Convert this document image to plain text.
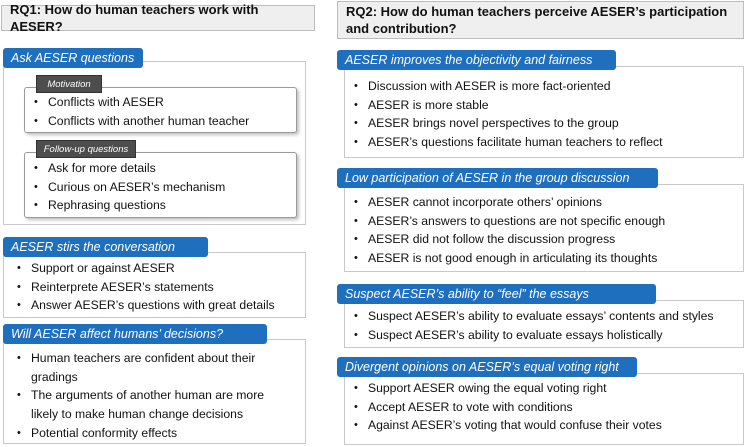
RQ1: How do human teachers work with AESER?
Ask AESER questions
• Conflicts with AESER
• Conflicts with another human teacher
Motivation
• Ask for more details
• Curious on AESER’s mechanism
• Rephrasing questions
Follow-up questions
AESER stirs the conversation
• Support or against AESER
• Reinterprete AESER’s statements
• Answer AESER’s questions with great details
Will AESER affect humans’ decisions?
• Human teachers are confident about their gradings
• The arguments of another human are more likely to make human change decisions
• Potential conformity effects
RQ2: How do human teachers perceive AESER’s participation and contribution?
AESER improves the objectivity and fairness
• Discussion with AESER is more fact-oriented
• AESER is more stable
• AESER brings novel perspectives to the group
• AESER’s questions facilitate human teachers to reflect
Low participation of AESER in the group discussion
• AESER cannot incorporate others’ opinions
• AESER’s answers to questions are not specific enough
• AESER did not follow the discussion progress
• AESER is not good enough in articulating its thoughts
Suspect AESER’s ability to “feel” the essays
• Suspect AESER’s ability to evaluate essays’ contents and styles
• Suspect AESER’s ability to evaluate essays holistically
Divergent opinions on AESER’s equal voting right
• Support AESER owing the equal voting right
• Accept AESER to vote with conditions
• Against AESER’s voting that would confuse their votes
